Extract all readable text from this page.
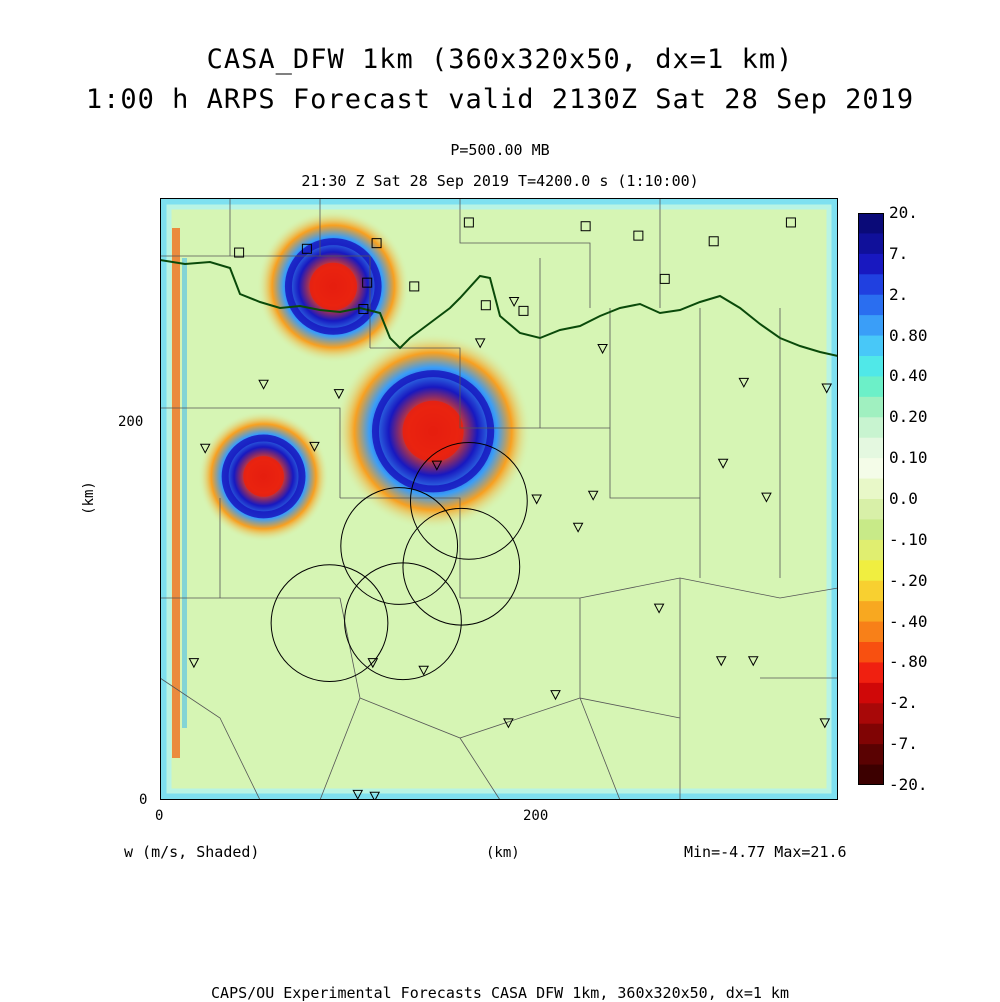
CASA_DFW 1km (360x320x50, dx=1 km)
1:00 h ARPS Forecast valid 2130Z Sat 28 Sep 2019
P=500.00 MB
21:30 Z Sat 28 Sep 2019 T=4200.0 s (1:10:00)
200
0
0	200
(km)
(km)
20.
7.
2.
0.80
0.40
0.20
0.10
0.0
-.10
-.20
-.40
-.80
-2.
-7.
-20.
w (m/s, Shaded)	Min=-4.77 Max=21.6
CAPS/OU Experimental Forecasts CASA DFW 1km, 360x320x50, dx=1 km
